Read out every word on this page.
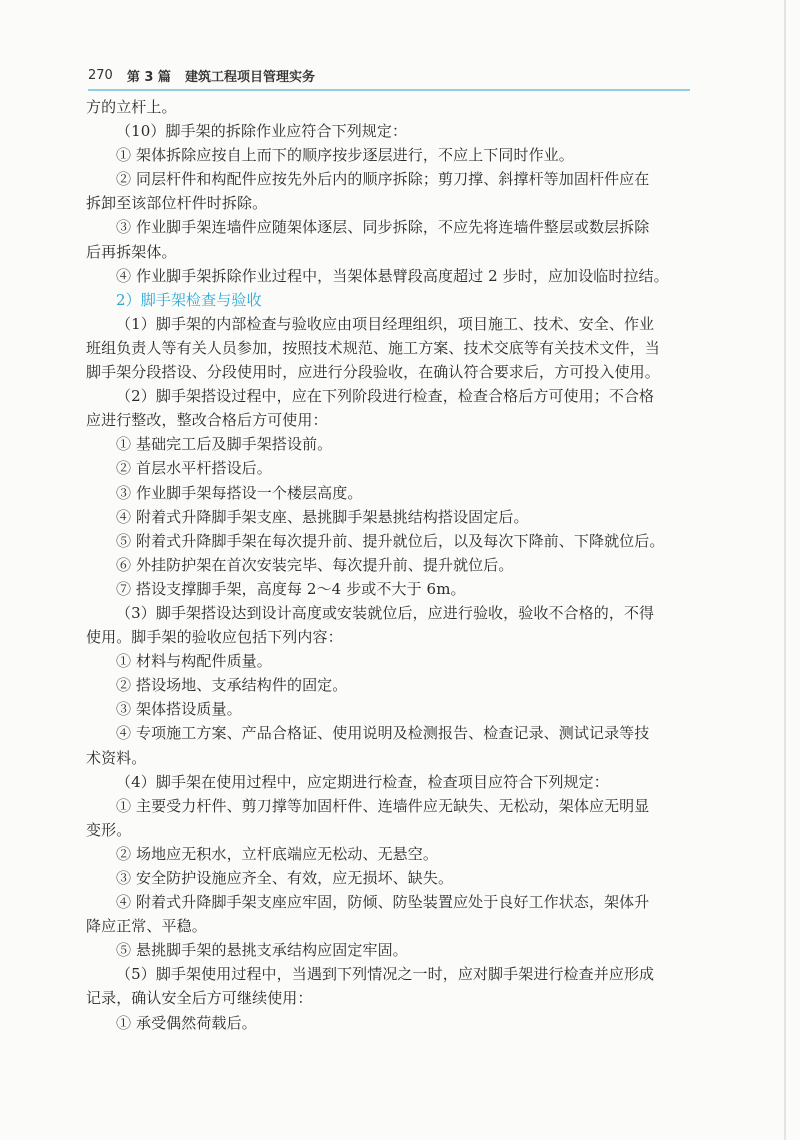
270 第 3 篇 建筑工程项目管理实务
方的立杆上。
（10）脚手架的拆除作业应符合下列规定：
① 架体拆除应按自上而下的顺序按步逐层进行，不应上下同时作业。
② 同层杆件和构配件应按先外后内的顺序拆除；剪刀撑、斜撑杆等加固杆件应在
拆卸至该部位杆件时拆除。
③ 作业脚手架连墙件应随架体逐层、同步拆除，不应先将连墙件整层或数层拆除
后再拆架体。
④ 作业脚手架拆除作业过程中，当架体悬臂段高度超过 2 步时，应加设临时拉结。
2）脚手架检查与验收
（1）脚手架的内部检查与验收应由项目经理组织，项目施工、技术、安全、作业
班组负责人等有关人员参加，按照技术规范、施工方案、技术交底等有关技术文件，当
脚手架分段搭设、分段使用时，应进行分段验收，在确认符合要求后，方可投入使用。
（2）脚手架搭设过程中，应在下列阶段进行检查，检查合格后方可使用；不合格
应进行整改，整改合格后方可使用：
① 基础完工后及脚手架搭设前。
② 首层水平杆搭设后。
③ 作业脚手架每搭设一个楼层高度。
④ 附着式升降脚手架支座、悬挑脚手架悬挑结构搭设固定后。
⑤ 附着式升降脚手架在每次提升前、提升就位后，以及每次下降前、下降就位后。
⑥ 外挂防护架在首次安装完毕、每次提升前、提升就位后。
⑦ 搭设支撑脚手架，高度每 2～4 步或不大于 6m。
（3）脚手架搭设达到设计高度或安装就位后，应进行验收，验收不合格的，不得
使用。脚手架的验收应包括下列内容：
① 材料与构配件质量。
② 搭设场地、支承结构件的固定。
③ 架体搭设质量。
④ 专项施工方案、产品合格证、使用说明及检测报告、检查记录、测试记录等技
术资料。
（4）脚手架在使用过程中，应定期进行检查，检查项目应符合下列规定：
① 主要受力杆件、剪刀撑等加固杆件、连墙件应无缺失、无松动，架体应无明显
变形。
② 场地应无积水，立杆底端应无松动、无悬空。
③ 安全防护设施应齐全、有效，应无损坏、缺失。
④ 附着式升降脚手架支座应牢固，防倾、防坠装置应处于良好工作状态，架体升
降应正常、平稳。
⑤ 悬挑脚手架的悬挑支承结构应固定牢固。
（5）脚手架使用过程中，当遇到下列情况之一时，应对脚手架进行检查并应形成
记录，确认安全后方可继续使用：
① 承受偶然荷载后。
